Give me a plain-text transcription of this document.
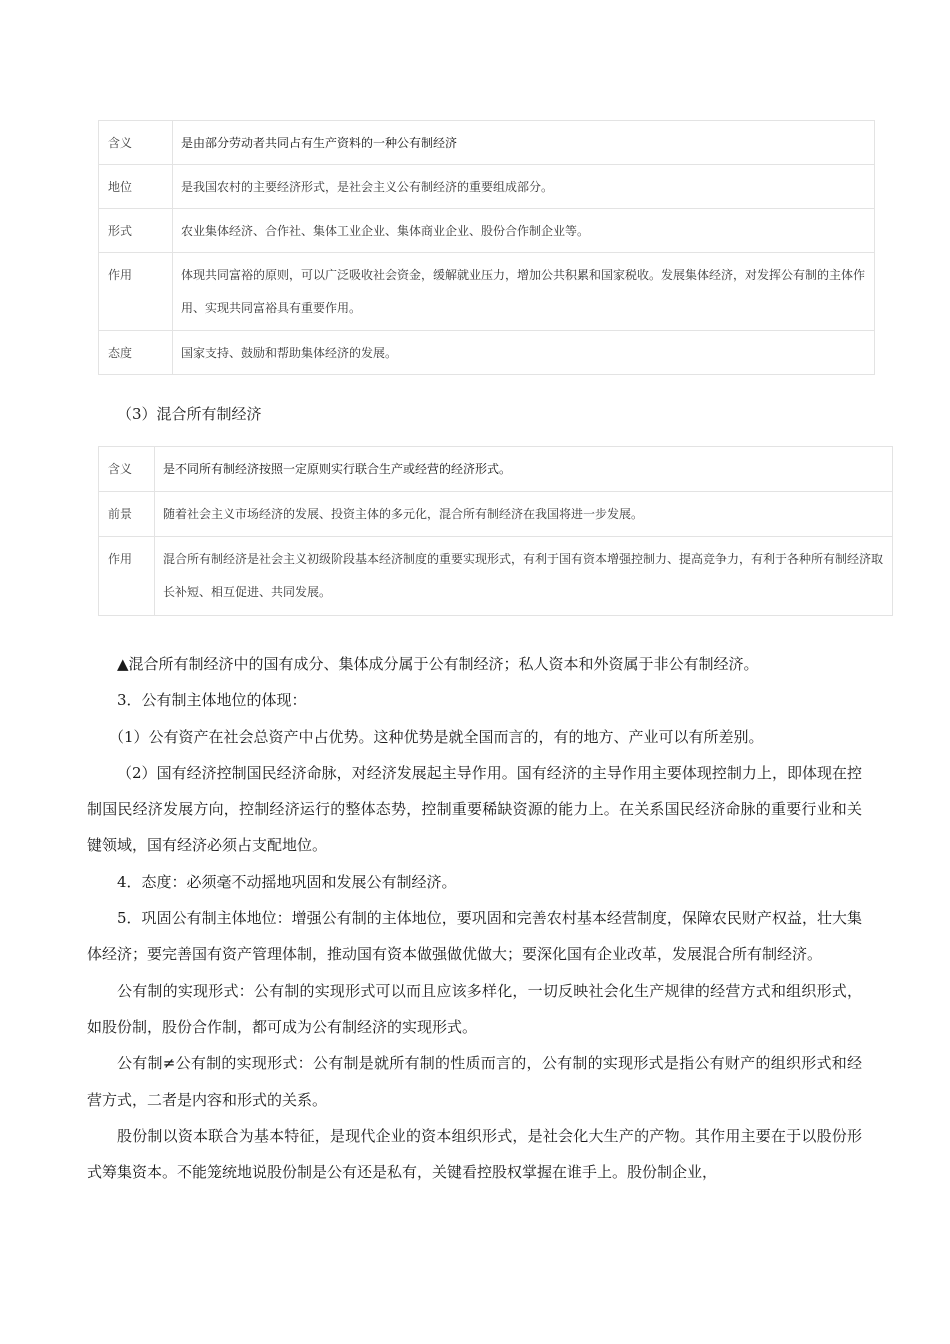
含义	是由部分劳动者共同占有生产资料的一种公有制经济
地位	是我国农村的主要经济形式，是社会主义公有制经济的重要组成部分。
形式	农业集体经济、合作社、集体工业企业、集体商业企业、股份合作制企业等。
作用	体现共同富裕的原则，可以广泛吸收社会资金，缓解就业压力，增加公共积累和国家税收。发展集体经济，对发挥公有制的主体作用、实现共同富裕具有重要作用。
态度	国家支持、鼓励和帮助集体经济的发展。
（3）混合所有制经济
含义	是不同所有制经济按照一定原则实行联合生产或经营的经济形式。
前景	随着社会主义市场经济的发展、投资主体的多元化，混合所有制经济在我国将进一步发展。
作用	混合所有制经济是社会主义初级阶段基本经济制度的重要实现形式，有利于国有资本增强控制力、提高竞争力，有利于各种所有制经济取长补短、相互促进、共同发展。

▲混合所有制经济中的国有成分、集体成分属于公有制经济；私人资本和外资属于非公有制经济。

3．公有制主体地位的体现：

（1）公有资产在社会总资产中占优势。这种优势是就全国而言的，有的地方、产业可以有所差别。

（2）国有经济控制国民经济命脉，对经济发展起主导作用。国有经济的主导作用主要体现控制力上，即体现在控制国民经济发展方向，控制经济运行的整体态势，控制重要稀缺资源的能力上。在关系国民经济命脉的重要行业和关键领域，国有经济必须占支配地位。

4．态度：必须毫不动摇地巩固和发展公有制经济。

5．巩固公有制主体地位：增强公有制的主体地位，要巩固和完善农村基本经营制度，保障农民财产权益，壮大集体经济；要完善国有资产管理体制，推动国有资本做强做优做大；要深化国有企业改革，发展混合所有制经济。

公有制的实现形式：公有制的实现形式可以而且应该多样化，一切反映社会化生产规律的经营方式和组织形式，如股份制，股份合作制，都可成为公有制经济的实现形式。

公有制≠公有制的实现形式：公有制是就所有制的性质而言的，公有制的实现形式是指公有财产的组织形式和经营方式，二者是内容和形式的关系。

股份制以资本联合为基本特征，是现代企业的资本组织形式，是社会化大生产的产物。其作用主要在于以股份形式筹集资本。不能笼统地说股份制是公有还是私有，关键看控股权掌握在谁手上。股份制企业，
